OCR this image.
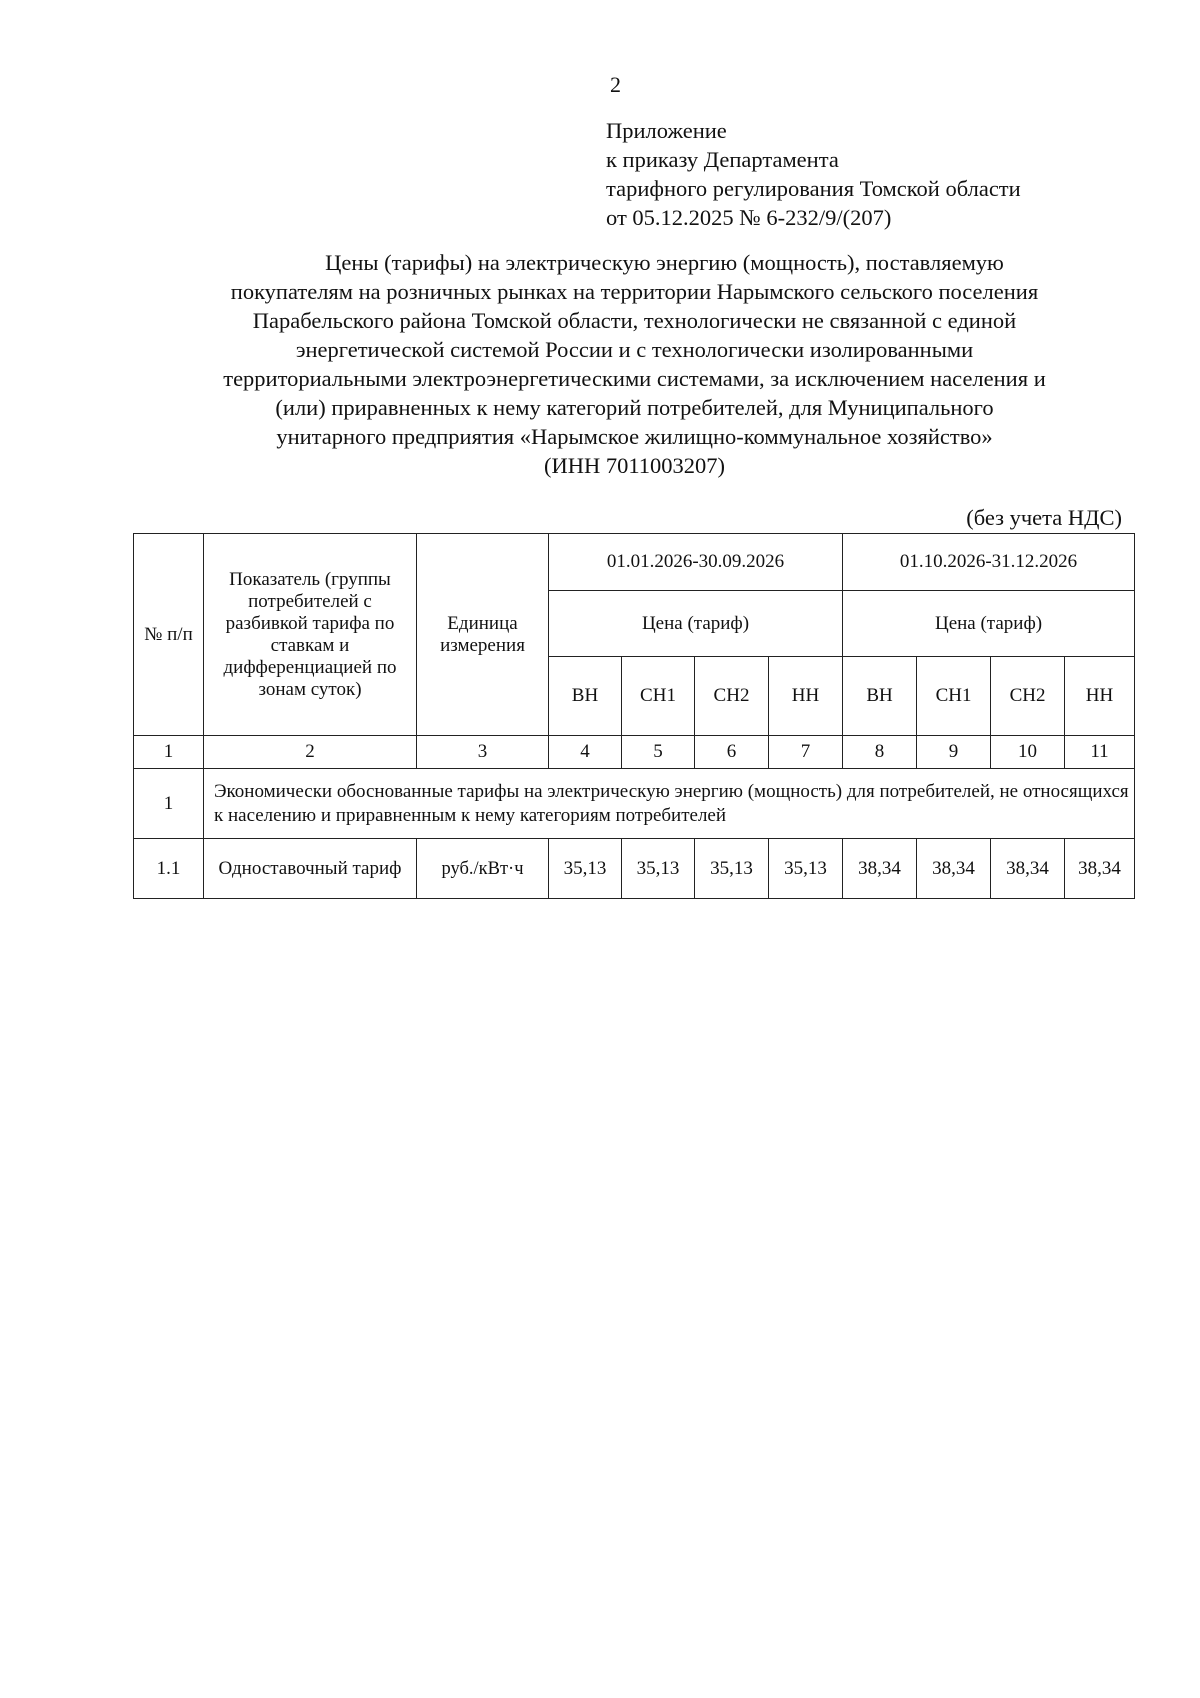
2
Приложение
к приказу Департамента
тарифного регулирования Томской области
от 05.12.2025 № 6-232/9/(207)
Цены (тарифы) на электрическую энергию (мощность), поставляемую
покупателям на розничных рынках на территории Нарымского сельского поселения
Парабельского района Томской области, технологически не связанной с единой
энергетической системой России и с технологически изолированными
территориальными электроэнергетическими системами, за исключением населения и
(или) приравненных к нему категорий потребителей, для Муниципального
унитарного предприятия «Нарымское жилищно-коммунальное хозяйство»
(ИНН 7011003207)
(без учета НДС)
№ п/п	Показатель (группы потребителей с разбивкой тарифа по ставкам и дифференциацией по зонам суток)	Единица измерения	01.01.2026-30.09.2026				01.10.2026-31.12.2026			
			Цена (тариф)				Цена (тариф)			
			ВН	СН1	СН2	НН	ВН	СН1	СН2	НН
1	2	3	4	5	6	7	8	9	10	11
1	Экономически обоснованные тарифы на электрическую энергию (мощность) для потребителей, не относящихся к населению и приравненным к нему категориям потребителей									
1.1	Одноставочный тариф	руб./кВт·ч	35,13	35,13	35,13	35,13	38,34	38,34	38,34	38,34
